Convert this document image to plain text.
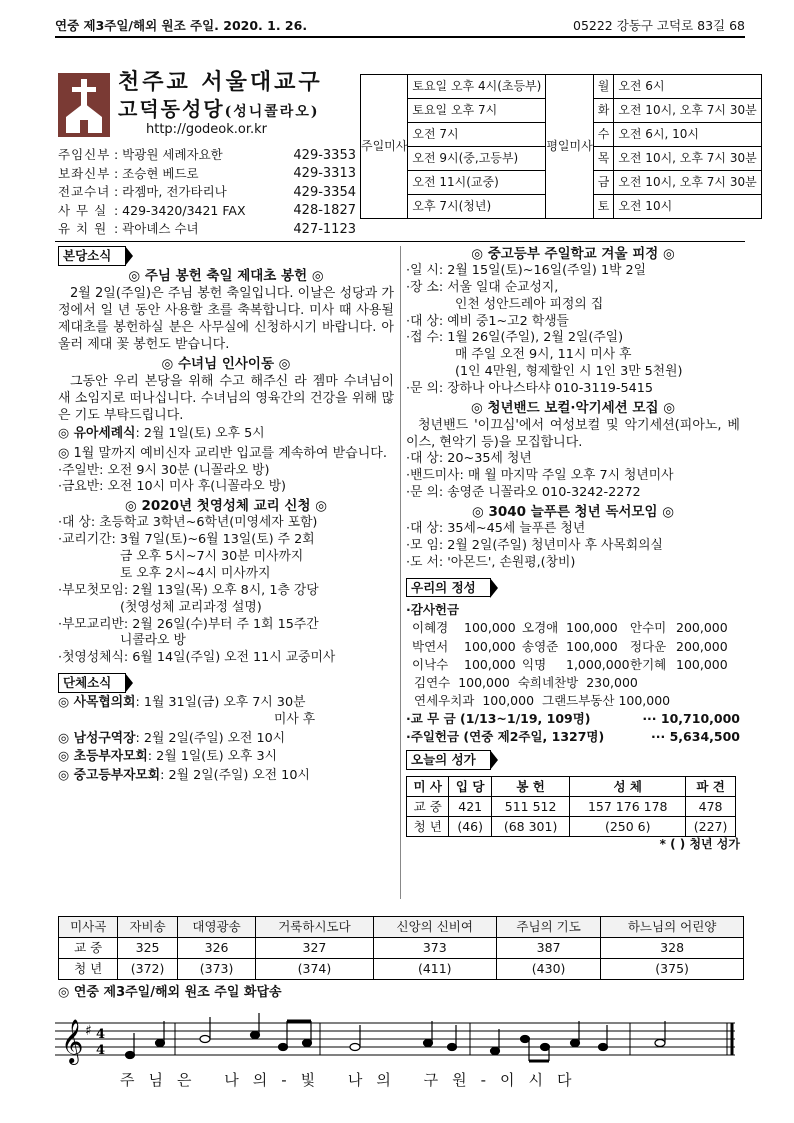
연중 제3주일/해외 원조 주일. 2020. 1. 26.	05222 강동구 고덕로 83길 68
천주교 서울대교구
고덕동성당(성니콜라오)
http://godeok.or.kr
주임신부 : 박광원 세례자요한	429-3353
보좌신부 : 조승현 베드로	429-3313
전교수녀 : 라젬마, 전가타리나	429-3354
사 무 실 : 429-3420/3421 FAX	428-1827
유 치 원 : 곽아녜스 수녀	427-1123
주일미사	토요일 오후 4시(초등부)	평일미사	월	오전 6시
	토요일 오후 7시		화	오전 10시, 오후 7시 30분
	오전 7시		수	오전 6시, 10시
	오전 9시(중,고등부)		목	오전 10시, 오후 7시 30분
	오전 11시(교중)		금	오전 10시, 오후 7시 30분
	오후 7시(청년)		토	오전 10시
본당소식
◎ 주님 봉헌 축일 제대초 봉헌 ◎
2월 2일(주일)은 주님 봉헌 축일입니다. 이날은 성당과 가정에서 일 년 동안 사용할 초를 축복합니다. 미사 때 사용될 제대초를 봉헌하실 분은 사무실에 신청하시기 바랍니다. 아울러 제대 꽃 봉헌도 받습니다.
◎ 수녀님 인사이동 ◎
그동안 우리 본당을 위해 수고 해주신 라 젬마 수녀님이 새 소임지로 떠나십니다. 수녀님의 영육간의 건강을 위해 많은 기도 부탁드립니다.
◎ 유아세례식: 2월 1일(토) 오후 5시
◎ 1월 말까지 예비신자 교리반 입교를 계속하여 받습니다.
·주일반: 오전 9시 30분 (니꼴라오 방)
·금요반: 오전 10시 미사 후(니꼴라오 방)
◎ 2020년 첫영성체 교리 신청 ◎
·대 상: 초등학교 3학년~6학년(미영세자 포함)
·교리기간: 3월 7일(토)~6월 13일(토) 주 2회
금 오후 5시~7시 30분 미사까지
토 오후 2시~4시 미사까지
·부모첫모임: 2월 13일(목) 오후 8시, 1층 강당
(첫영성체 교리과정 설명)
·부모교리반: 2월 26일(수)부터 주 1회 15주간
니콜라오 방
·첫영성체식: 6월 14일(주일) 오전 11시 교중미사
단체소식
◎ 사목협의회: 1월 31일(금) 오후 7시 30분
미사 후
◎ 남성구역장: 2월 2일(주일) 오전 10시
◎ 초등부자모회: 2월 1일(토) 오후 3시
◎ 중고등부자모회: 2월 2일(주일) 오전 10시
◎ 중고등부 주일학교 겨울 피정 ◎
·일 시: 2월 15일(토)~16일(주일) 1박 2일
·장 소: 서울 일대 순교성지,
인천 성안드레아 피정의 집
·대 상: 예비 중1~고2 학생들
·접 수: 1월 26일(주일), 2월 2일(주일)
매 주일 오전 9시, 11시 미사 후
(1인 4만원, 형제할인 시 1인 3만 5천원)
·문 의: 장하나 아나스타샤 010-3119-5415
◎ 청년밴드 보컬·악기세션 모집 ◎
청년밴드 '이끄심'에서 여성보컬 및 악기세션(피아노, 베이스, 현악기 등)을 모집합니다.
·대 상: 20~35세 청년
·밴드미사: 매 월 마지막 주일 오후 7시 청년미사
·문 의: 송영준 니꼴라오 010-3242-2272
◎ 3040 늘푸른 청년 독서모임 ◎
·대 상: 35세~45세 늘푸른 청년
·모 임: 2월 2일(주일) 청년미사 후 사목회의실
·도 서: '아몬드', 손원평,(창비)
우리의 정성
·감사헌금
이혜경	100,000	오경애	100,000	안수미	200,000
박연서	100,000	송영준	100,000	정다운	200,000
이낙수	100,000	익명	1,000,000	한기혜	100,000
김연수 100,000 숙희네찬방 230,000
연세우치과 100,000 그랜드부동산 100,000
·교 무 금 (1/13~1/19, 109명)	··· 10,710,000
·주일헌금 (연중 제2주일, 1327명)	··· 5,634,500
오늘의 성가
미 사	입 당	봉 헌	성 체	파 견
교 중	421	511 512	157 176 178	478
청 년	(46)	(68 301)	(250 6)	(227)
* ( ) 청년 성가
미사곡	자비송	대영광송	거룩하시도다	신앙의 신비여	주님의 기도	하느님의 어린양
교 중	325	326	327	373	387	328
청 년	(372)	(373)	(374)	(411)	(430)	(375)
◎ 연중 제3주일/해외 원조 주일 화답송
𝄞 ♯ 4
4
주님은 나의-빛 나의 구원-이시다
